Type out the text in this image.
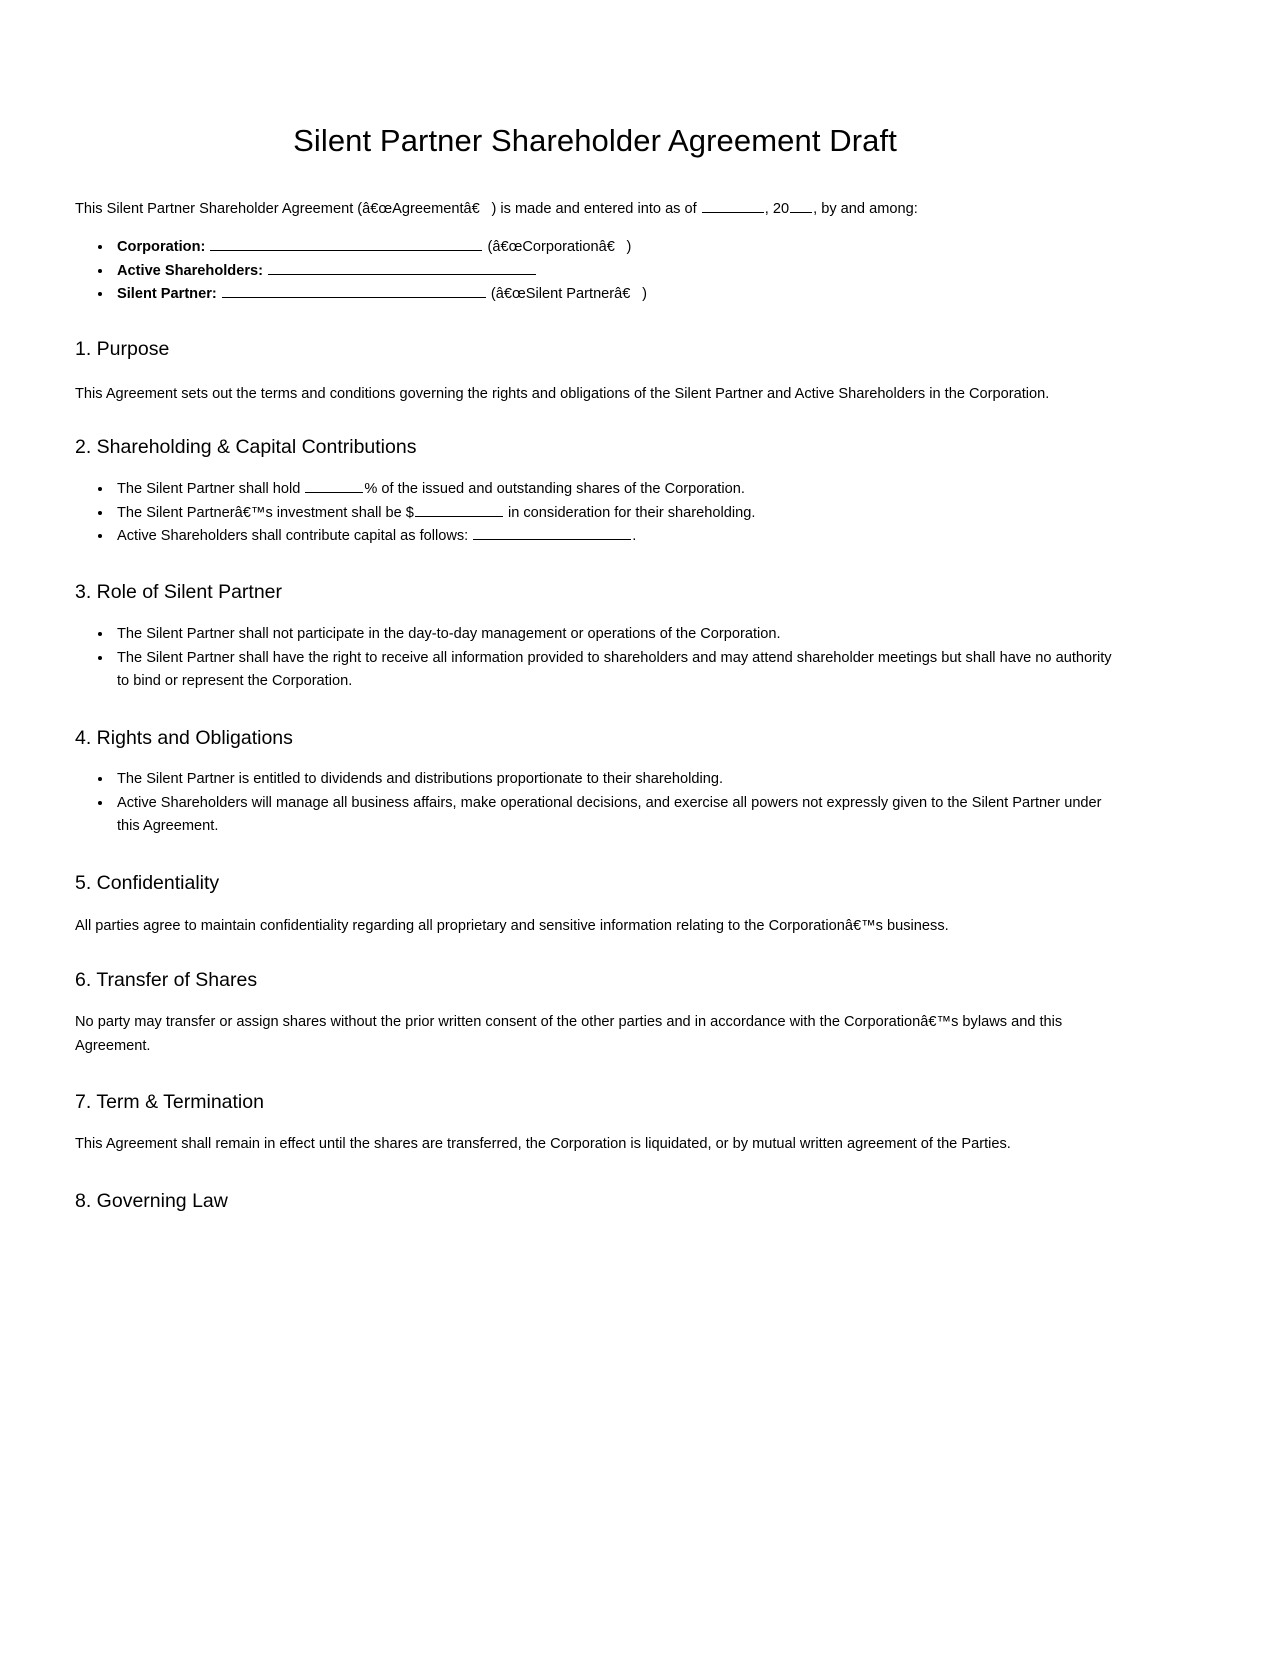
Silent Partner Shareholder Agreement Draft
This Silent Partner Shareholder Agreement (â€œAgreementâ€) is made and entered into as of	, 20 , by and among:
• Corporation:	(â€œCorporationâ€)
• Active Shareholders:
• Silent Partner:	(â€œSilent Partnerâ€)
1. Purpose

This Agreement sets out the terms and conditions governing the rights and obligations of the Silent Partner and Active Shareholders in the Corporation.

2. Shareholding & Capital Contributions
• The Silent Partner shall hold	% of the issued and outstanding shares of the Corporation.
• The Silent Partnerâ€™s investment shall be $	in consideration for their shareholding.
• Active Shareholders shall contribute capital as follows:	.
3. Role of Silent Partner
• The Silent Partner shall not participate in the day-to-day management or operations of the Corporation.
• The Silent Partner shall have the right to receive all information provided to shareholders and may attend shareholder meetings but shall have no authority to bind or represent the Corporation.
4. Rights and Obligations
• The Silent Partner is entitled to dividends and distributions proportionate to their shareholding.
• Active Shareholders will manage all business affairs, make operational decisions, and exercise all powers not expressly given to the Silent Partner under this Agreement.
5. Confidentiality

All parties agree to maintain confidentiality regarding all proprietary and sensitive information relating to the Corporationâ€™s business.

6. Transfer of Shares

No party may transfer or assign shares without the prior written consent of the other parties and in accordance with the Corporationâ€™s bylaws and this Agreement.

7. Term & Termination

This Agreement shall remain in effect until the shares are transferred, the Corporation is liquidated, or by mutual written agreement of the Parties.

8. Governing Law
